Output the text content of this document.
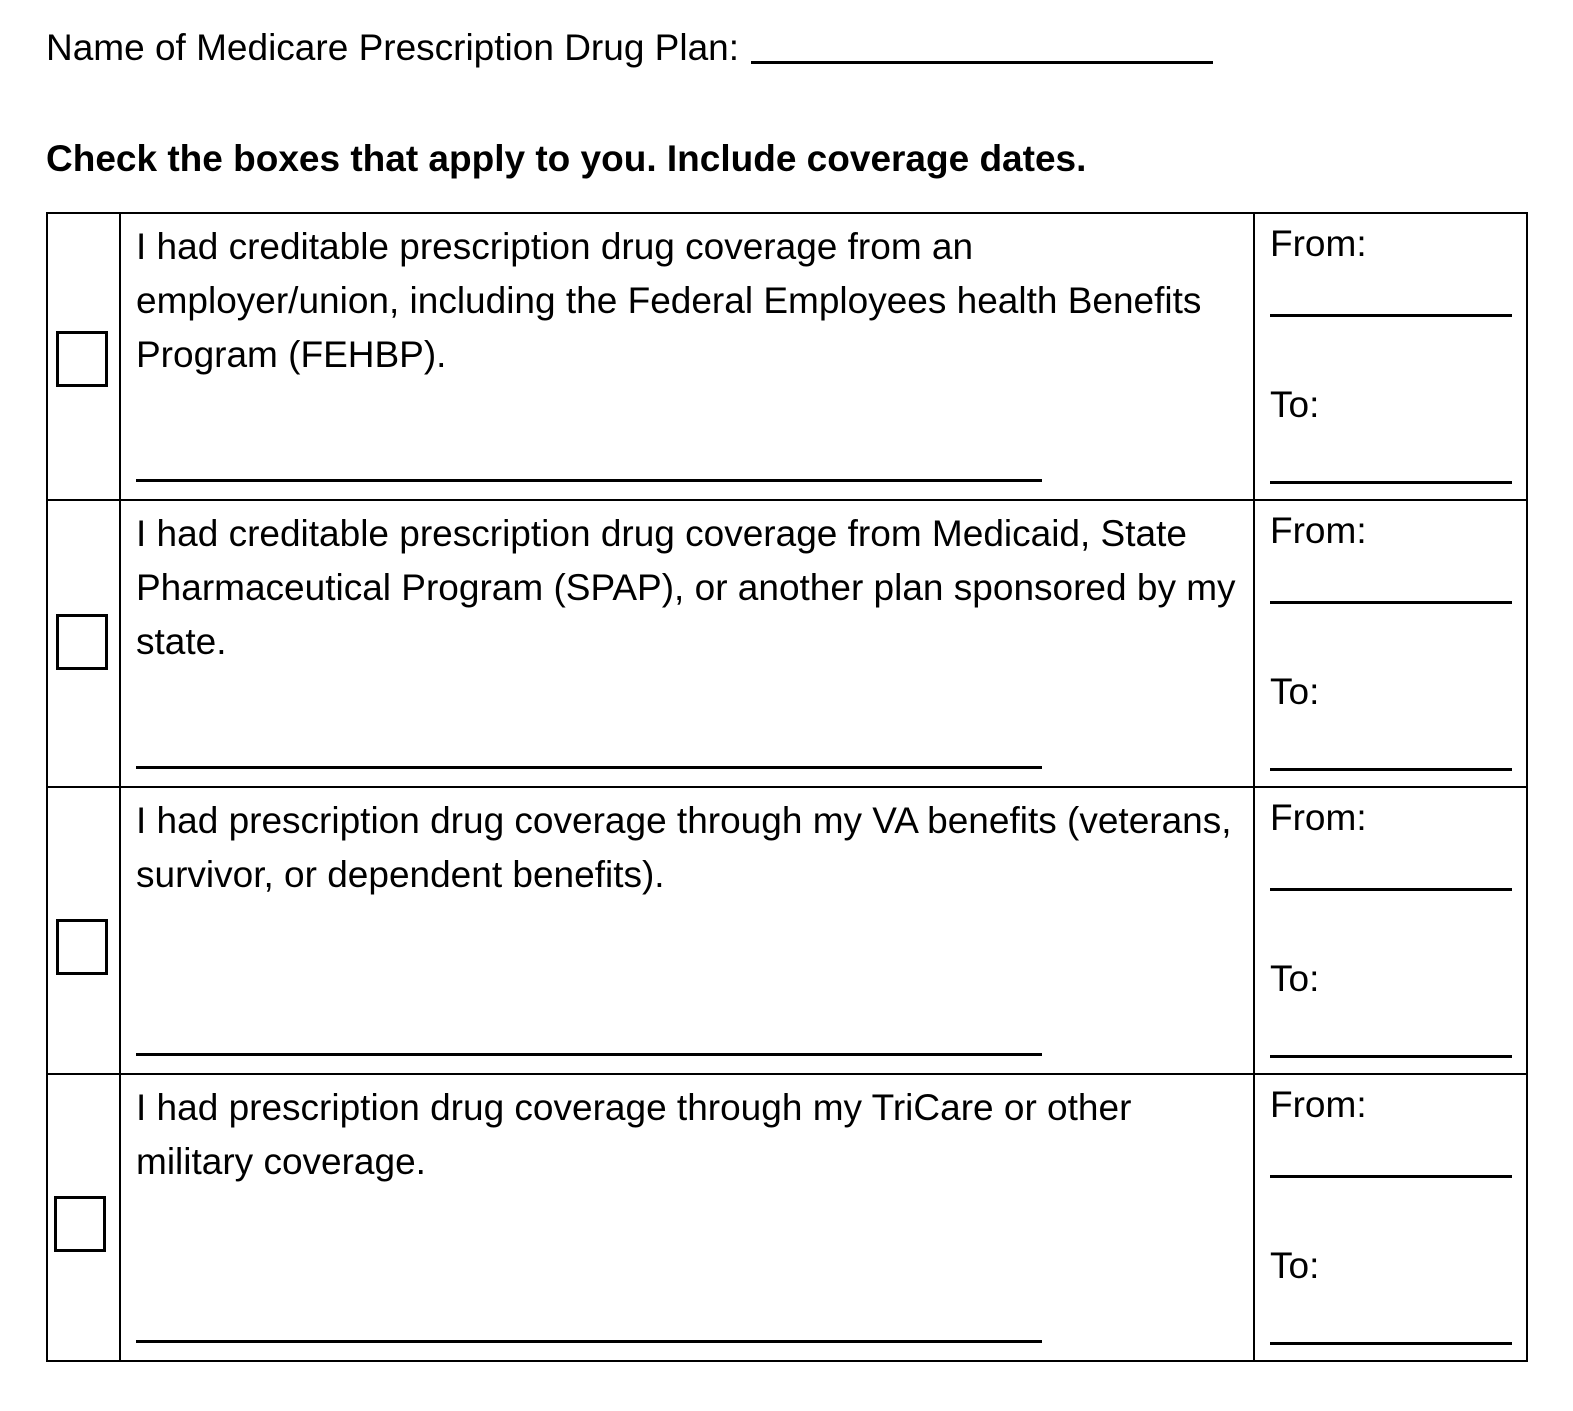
Name of Medicare Prescription Drug Plan:
Check the boxes that apply to you. Include coverage dates.

	I had creditable prescription drug coverage from an employer/union, including the Federal Employees health Benefits Program (FEHBP).	From:
To:

	I had creditable prescription drug coverage from Medicaid, State Pharmaceutical Program (SPAP), or another plan sponsored by my state.	From:
To:

	I had prescription drug coverage through my VA benefits (veterans, survivor, or dependent benefits).	From:
To:

	I had prescription drug coverage through my TriCare or other military coverage.	From:
To:
